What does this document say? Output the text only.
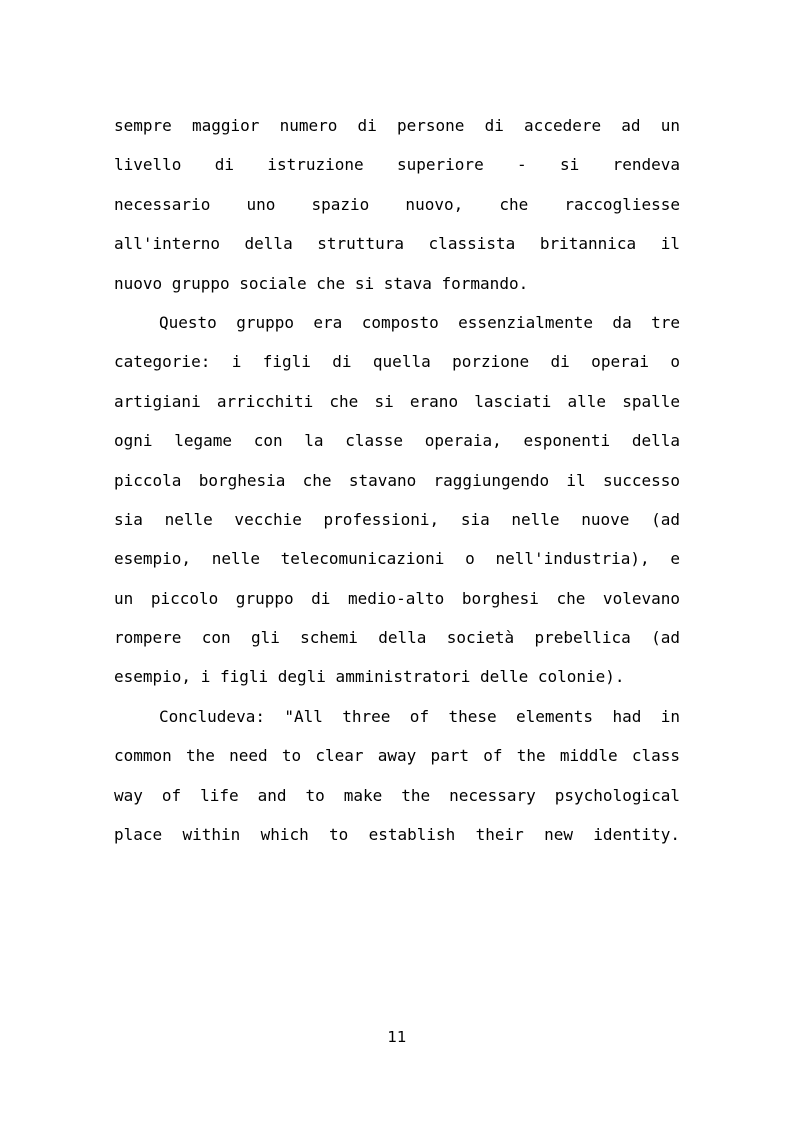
sempre maggior numero di persone di accedere ad un
livello di istruzione superiore - si rendeva
necessario uno spazio nuovo, che raccogliesse
all'interno della struttura classista britannica il
nuovo gruppo sociale che si stava formando.
Questo gruppo era composto essenzialmente da tre
categorie: i figli di quella porzione di operai o
artigiani arricchiti che si erano lasciati alle spalle
ogni legame con la classe operaia, esponenti della
piccola borghesia che stavano raggiungendo il successo
sia nelle vecchie professioni, sia nelle nuove (ad
esempio, nelle telecomunicazioni o nell'industria), e
un piccolo gruppo di medio-alto borghesi che volevano
rompere con gli schemi della società prebellica (ad
esempio, i figli degli amministratori delle colonie).
Concludeva: "All three of these elements had in
common the need to clear away part of the middle class
way of life and to make the necessary psychological
place within which to establish their new identity.
11
